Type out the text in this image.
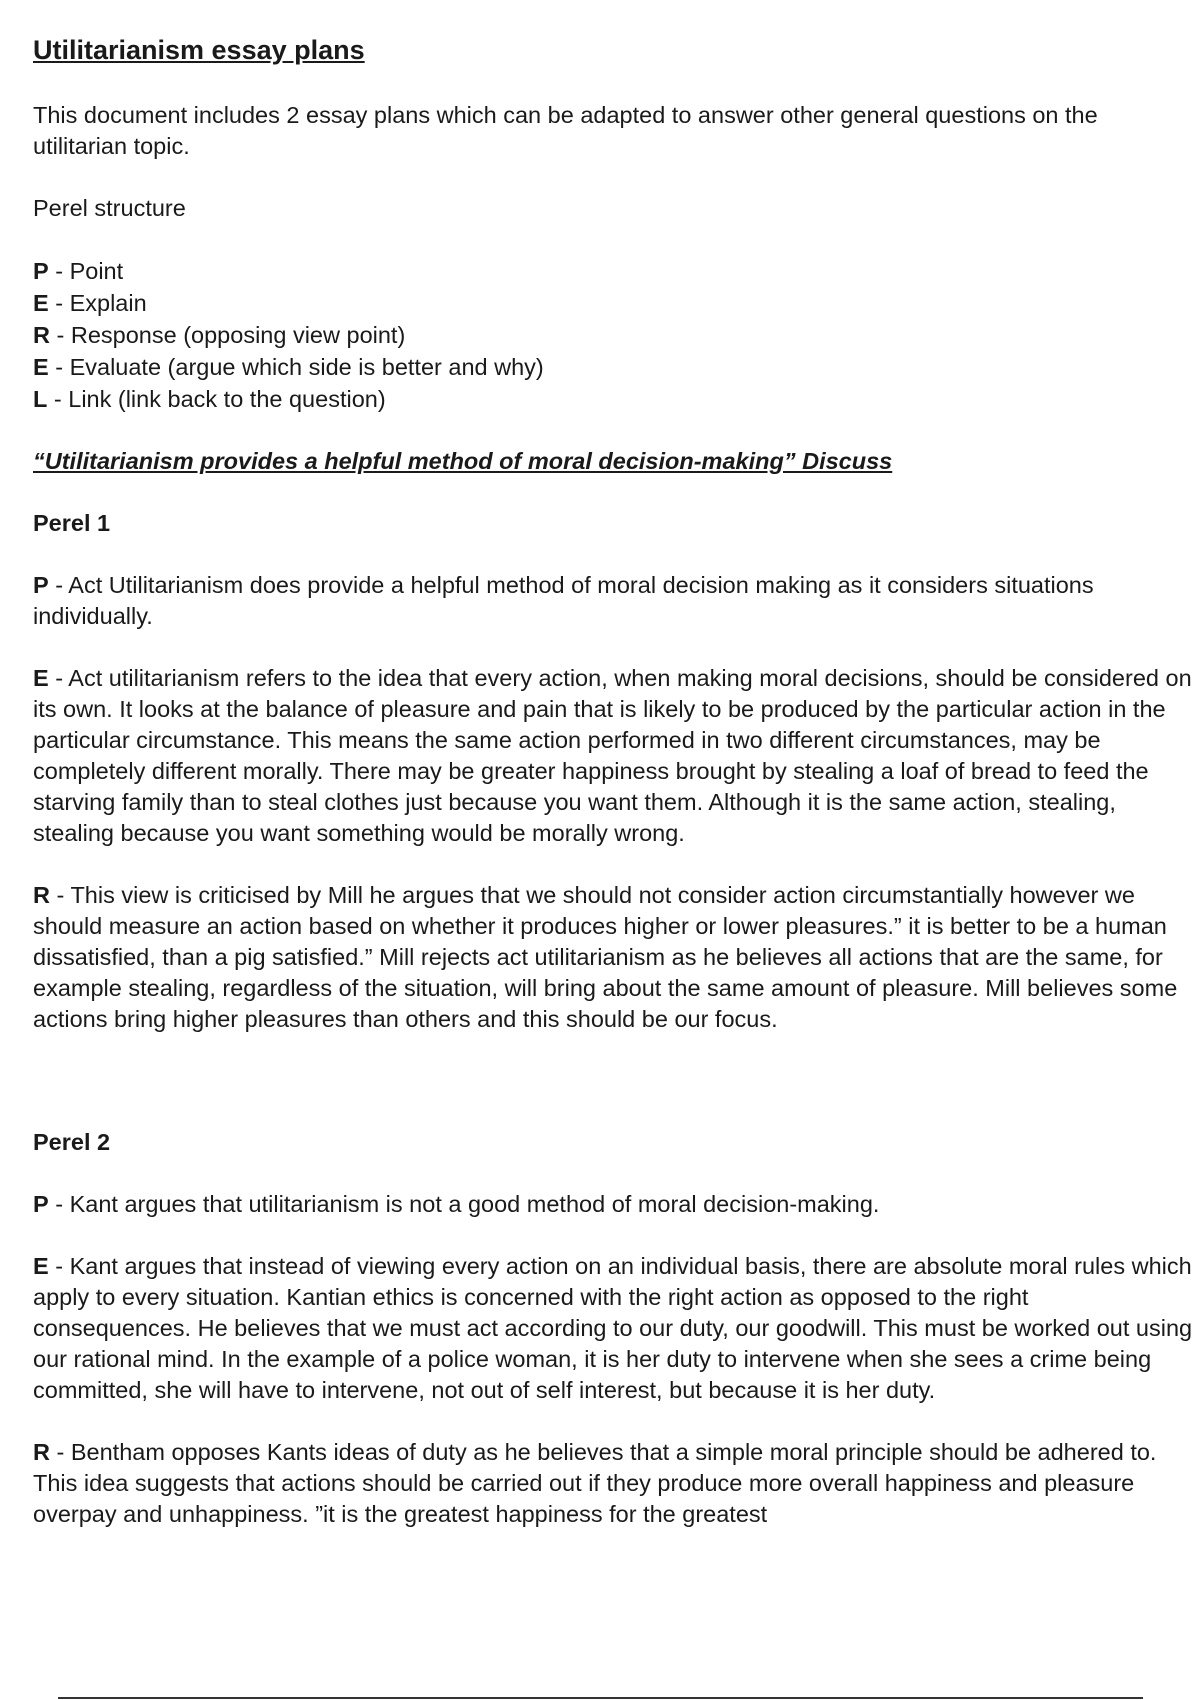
Utilitarianism essay plans
This document includes 2 essay plans which can be adapted to answer other general questions on the utilitarian topic.
Perel structure
P - Point
E - Explain
R - Response (opposing view point)
E - Evaluate (argue which side is better and why)
L - Link (link back to the question)
“Utilitarianism provides a helpful method of moral decision-making” Discuss
Perel 1
P - Act Utilitarianism does provide a helpful method of moral decision making as it considers situations individually.
E - Act utilitarianism refers to the idea that every action, when making moral decisions, should be considered on its own. It looks at the balance of pleasure and pain that is likely to be produced by the particular action in the particular circumstance. This means the same action performed in two different circumstances, may be completely different morally. There may be greater happiness brought by stealing a loaf of bread to feed the starving family than to steal clothes just because you want them. Although it is the same action, stealing, stealing because you want something would be morally wrong.
R - This view is criticised by Mill he argues that we should not consider action circumstantially however we should measure an action based on whether it produces higher or lower pleasures.” it is better to be a human dissatisfied, than a pig satisfied.” Mill rejects act utilitarianism as he believes all actions that are the same, for example stealing, regardless of the situation, will bring about the same amount of pleasure. Mill believes some actions bring higher pleasures than others and this should be our focus.
Perel 2
P - Kant argues that utilitarianism is not a good method of moral decision-making.
E - Kant argues that instead of viewing every action on an individual basis, there are absolute moral rules which apply to every situation. Kantian ethics is concerned with the right action as opposed to the right consequences. He believes that we must act according to our duty, our goodwill. This must be worked out using our rational mind. In the example of a police woman, it is her duty to intervene when she sees a crime being committed, she will have to intervene, not out of self interest, but because it is her duty.
R - Bentham opposes Kants ideas of duty as he believes that a simple moral principle should be adhered to. This idea suggests that actions should be carried out if they produce more overall happiness and pleasure overpay and unhappiness. ”it is the greatest happiness for the greatest
